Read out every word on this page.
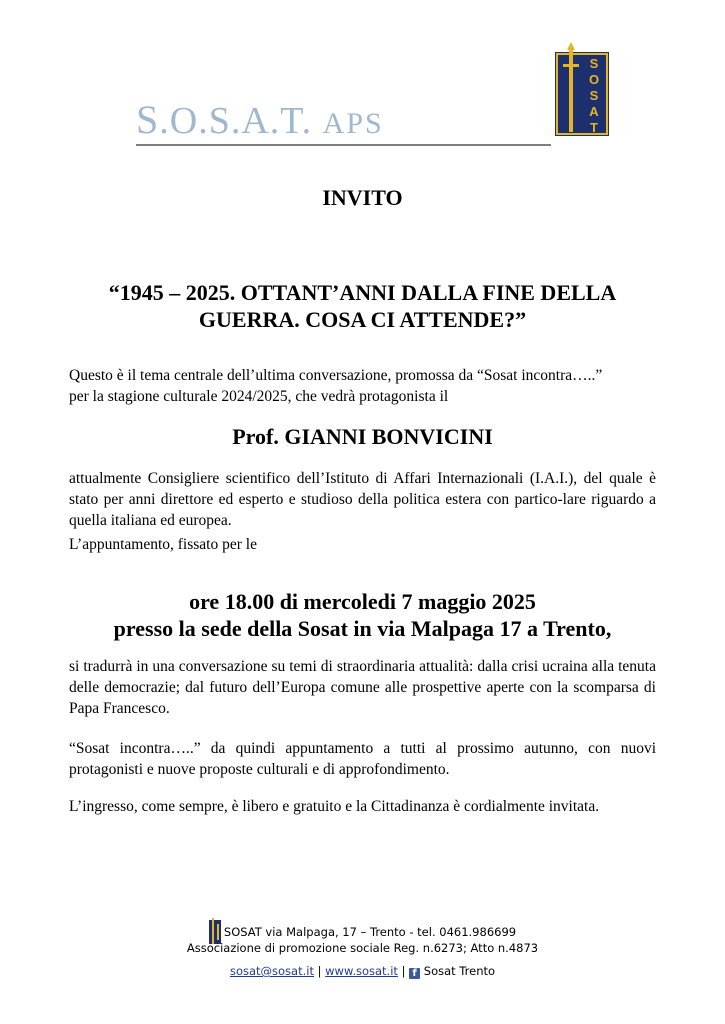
S.O.S.A.T. APS
S
O
S
A
T
INVITO
“1945 – 2025. OTTANT’ANNI DALLA FINE DELLA
GUERRA. COSA CI ATTENDE?”
Questo è il tema centrale dell’ultima conversazione, promossa da “Sosat incontra…..”
per la stagione culturale 2024/2025, che vedrà protagonista il
Prof. GIANNI BONVICINI
attualmente Consigliere scientifico dell’Istituto di Affari Internazionali (I.A.I.), del quale è stato per anni direttore ed esperto e studioso della politica estera con partico-lare riguardo a quella italiana ed europea.
L’appuntamento, fissato per le
ore 18.00 di mercoledi 7 maggio 2025
presso la sede della Sosat in via Malpaga 17 a Trento,
si tradurrà in una conversazione su temi di straordinaria attualità: dalla crisi ucraina alla tenuta delle democrazie; dal futuro dell’Europa comune alle prospettive aperte con la scomparsa di Papa Francesco.
“Sosat incontra…..” da quindi appuntamento a tutti al prossimo autunno, con nuovi protagonisti e nuove proposte culturali e di approfondimento.
L’ingresso, come sempre, è libero e gratuito e la Cittadinanza è cordialmente invitata.
SOSAT via Malpaga, 17 – Trento - tel. 0461.986699
Associazione di promozione sociale Reg. n.6273; Atto n.4873
sosat@sosat.it | www.sosat.it | f Sosat Trento
